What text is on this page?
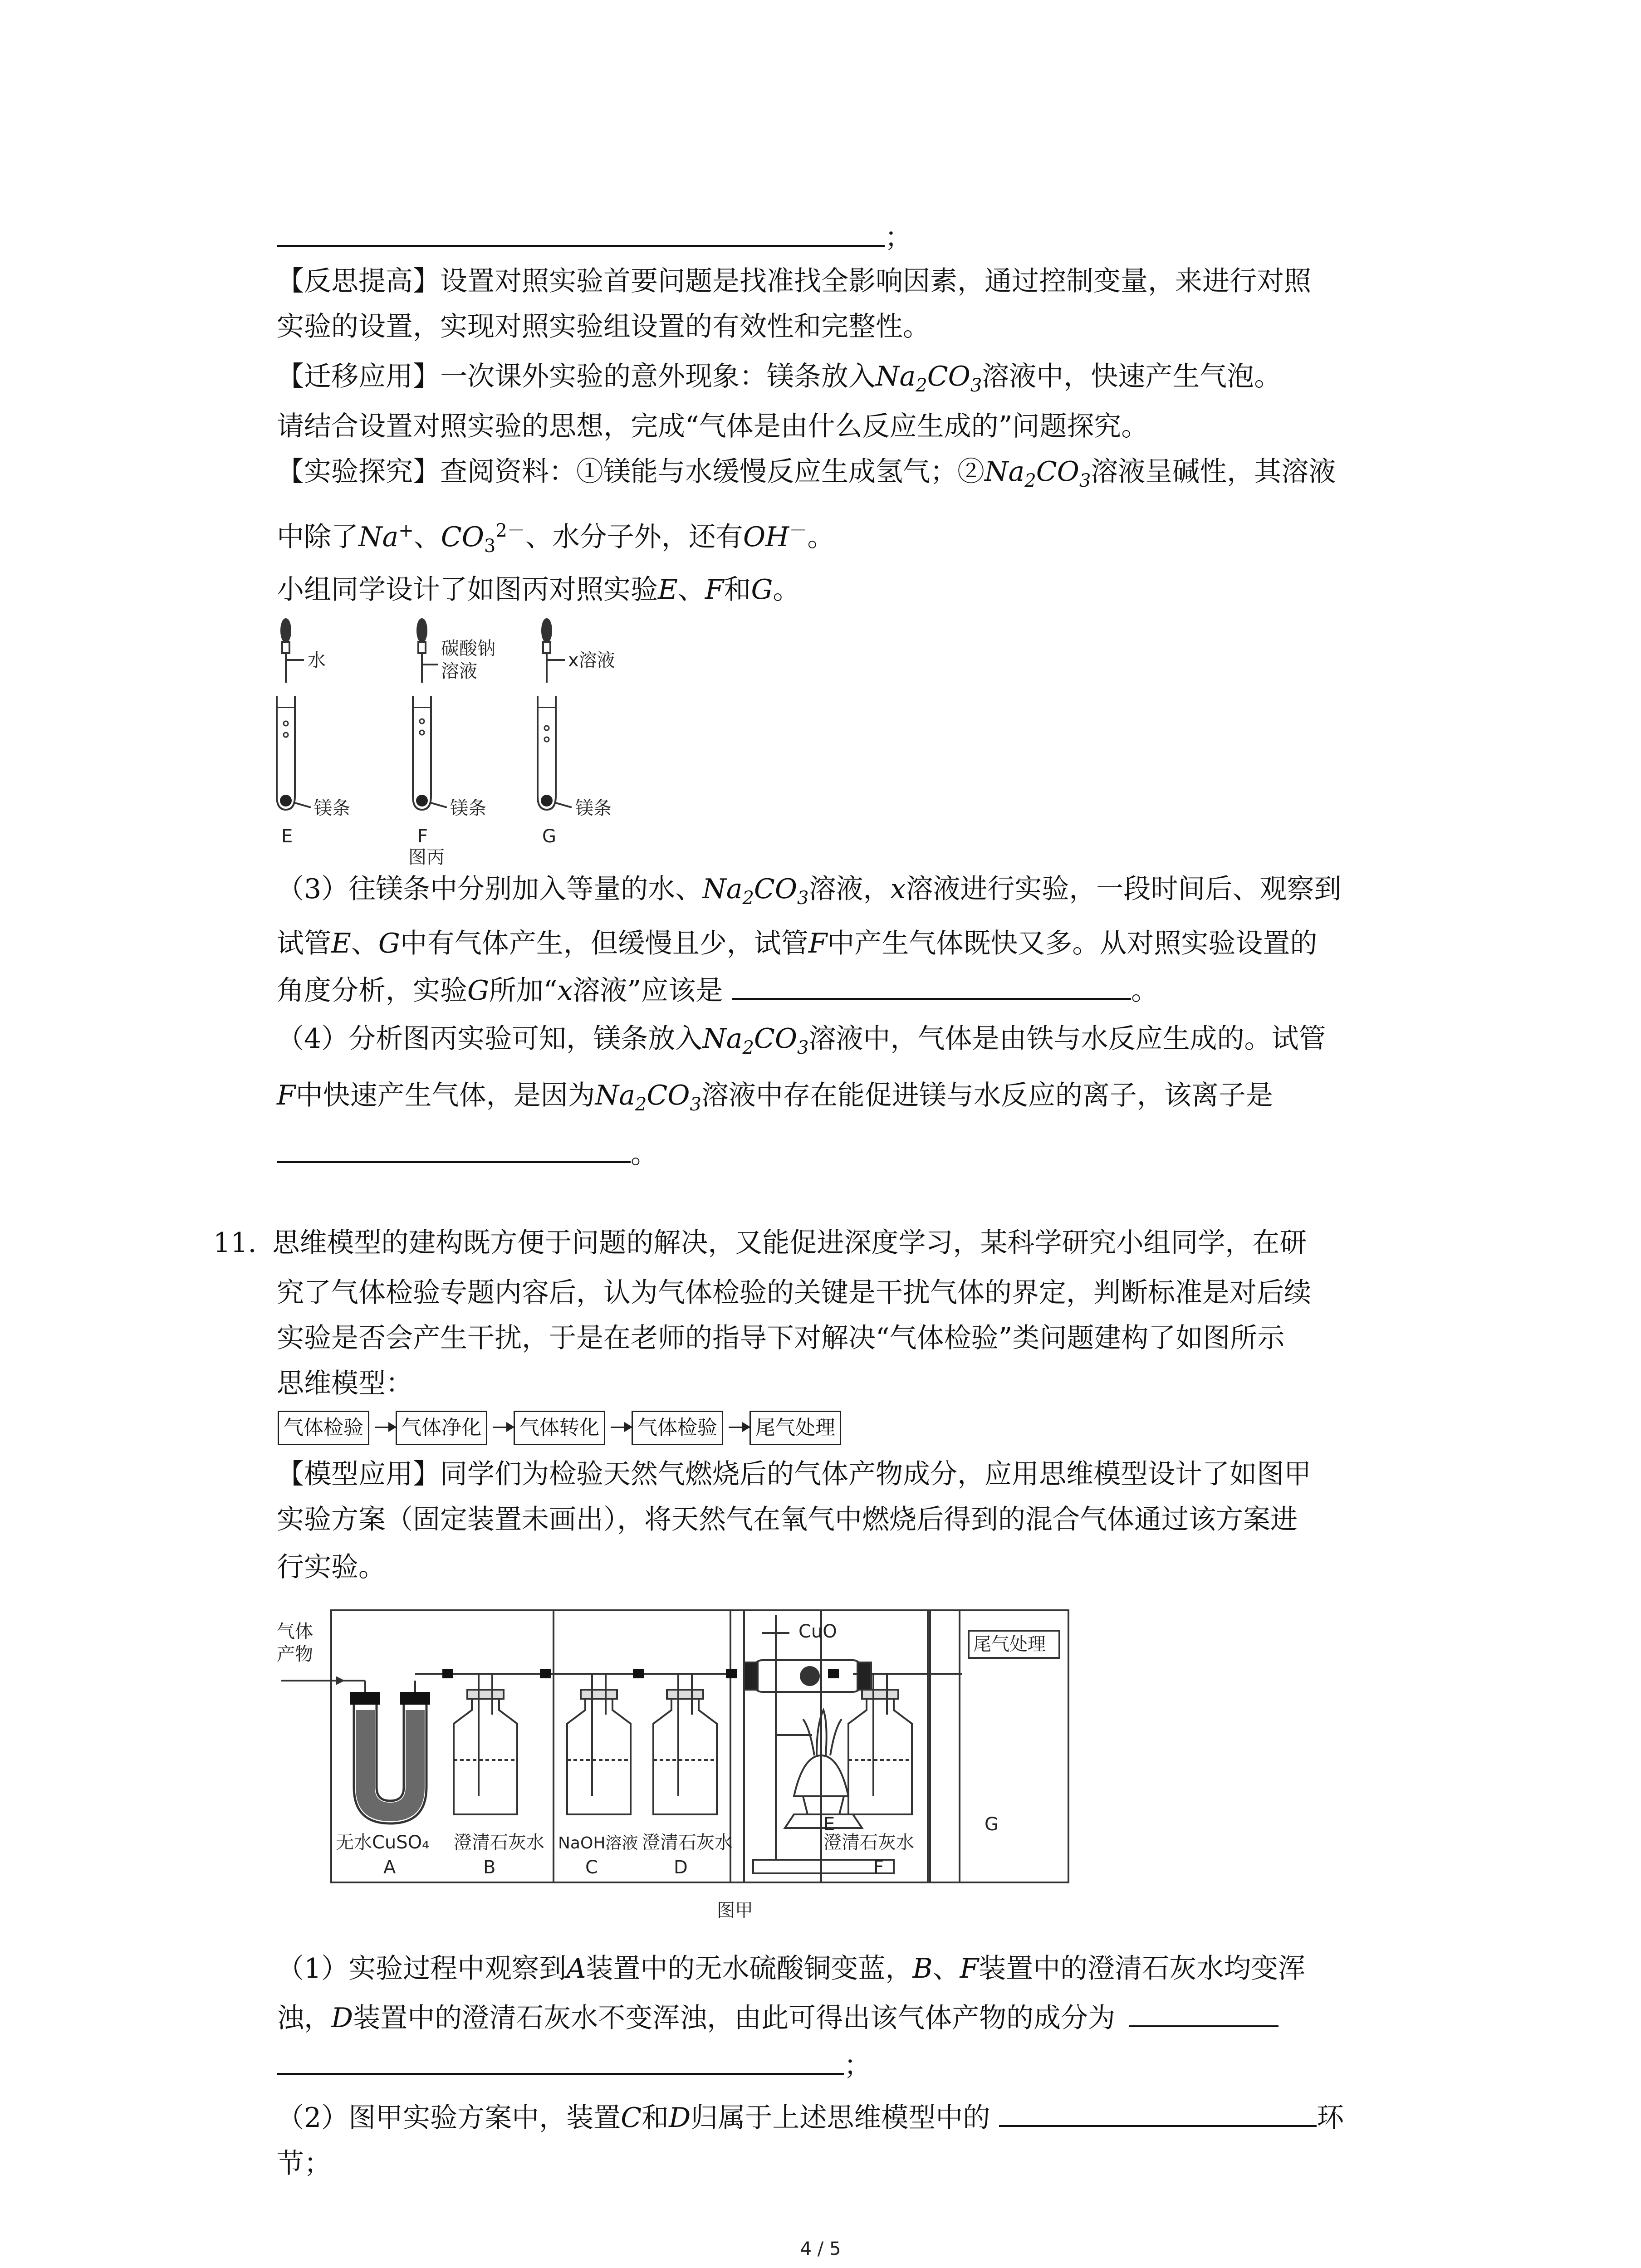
；
【反思提高】设置对照实验首要问题是找准找全影响因素，通过控制变量，来进行对照
实验的设置，实现对照实验组设置的有效性和完整性。
【迁移应用】一次课外实验的意外现象：镁条放入$Na_2CO_3$溶液中，快速产生气泡。
请结合设置对照实验的思想，完成“气体是由什么反应生成的”问题探究。
【实验探究】查阅资料：①镁能与水缓慢反应生成氢气；$②Na_2CO_3$溶液呈碱性，其溶液
中除了Na+、$CO_3^{2-}$、水分子外，还有OH－。
小组同学设计了如图丙对照实验E、F和G。
水
碳酸钠
溶液
x溶液
镁条	镁条	镁条
E	F	G
图丙
（3）往镁条中分别加入等量的水、$Na_2CO_3$溶液，x溶液进行实验，一段时间后、观察到
试管E、G中有气体产生，但缓慢且少，试管F中产生气体既快又多。从对照实验设置的
角度分析，实验G所加“x溶液”应该是	。
（4）分析图丙实验可知，镁条放入$Na_2CO_3$溶液中，气体是由铁与水反应生成的。试管
F中快速产生气体，是因为$Na_2CO_3$溶液中存在能促进镁与水反应的离子，该离子是
。
11. 思维模型的建构既方便于问题的解决，又能促进深度学习，某科学研究小组同学，在研
究了气体检验专题内容后，认为气体检验的关键是干扰气体的界定，判断标准是对后续
实验是否会产生干扰，于是在老师的指导下对解决“气体检验”类问题建构了如图所示
思维模型：
气体检验 气体净化 气体转化 气体检验 尾气处理
【模型应用】同学们为检验天然气燃烧后的气体产物成分，应用思维模型设计了如图甲
实验方案（固定装置未画出），将天然气在氧气中燃烧后得到的混合气体通过该方案进
行实验。
气体
产物
CuO
尾气处理
无水CuSO₄ 澄清石灰水 NaOH溶液 澄清石灰水	澄清石灰水
A	B	C	D
E
F
G
图甲
（1）实验过程中观察到A装置中的无水硫酸铜变蓝，B、F装置中的澄清石灰水均变浑
浊，D装置中的澄清石灰水不变浑浊，由此可得出该气体产物的成分为
；
（2）图甲实验方案中，装置C和D归属于上述思维模型中的	环
节；
4 / 5
